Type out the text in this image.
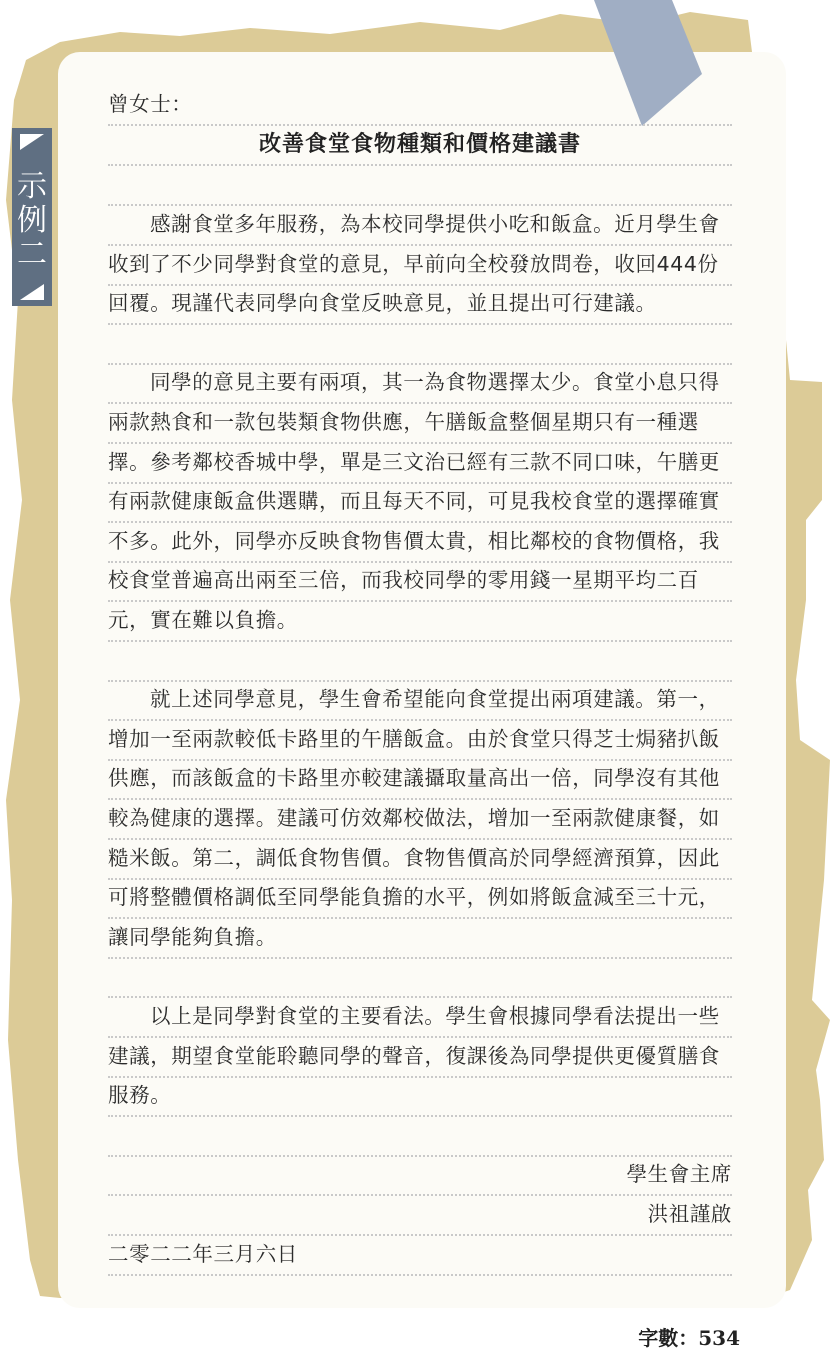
示
例
二
曾女士：
改善食堂食物種類和價格建議書
感謝食堂多年服務，為本校同學提供小吃和飯盒。近月學生會
收到了不少同學對食堂的意見，早前向全校發放問卷，收回444份
回覆。現謹代表同學向食堂反映意見，並且提出可行建議。
同學的意見主要有兩項，其一為食物選擇太少。食堂小息只得
兩款熱食和一款包裝類食物供應，午膳飯盒整個星期只有一種選
擇。參考鄰校香城中學，單是三文治已經有三款不同口味，午膳更
有兩款健康飯盒供選購，而且每天不同，可見我校食堂的選擇確實
不多。此外，同學亦反映食物售價太貴，相比鄰校的食物價格，我
校食堂普遍高出兩至三倍，而我校同學的零用錢一星期平均二百
元，實在難以負擔。
就上述同學意見，學生會希望能向食堂提出兩項建議。第一，
增加一至兩款較低卡路里的午膳飯盒。由於食堂只得芝士焗豬扒飯
供應，而該飯盒的卡路里亦較建議攝取量高出一倍，同學沒有其他
較為健康的選擇。建議可仿效鄰校做法，增加一至兩款健康餐，如
糙米飯。第二，調低食物售價。食物售價高於同學經濟預算，因此
可將整體價格調低至同學能負擔的水平，例如將飯盒減至三十元，
讓同學能夠負擔。
以上是同學對食堂的主要看法。學生會根據同學看法提出一些
建議，期望食堂能聆聽同學的聲音，復課後為同學提供更優質膳食
服務。
學生會主席
洪祖謹啟
二零二二年三月六日
字數：534
